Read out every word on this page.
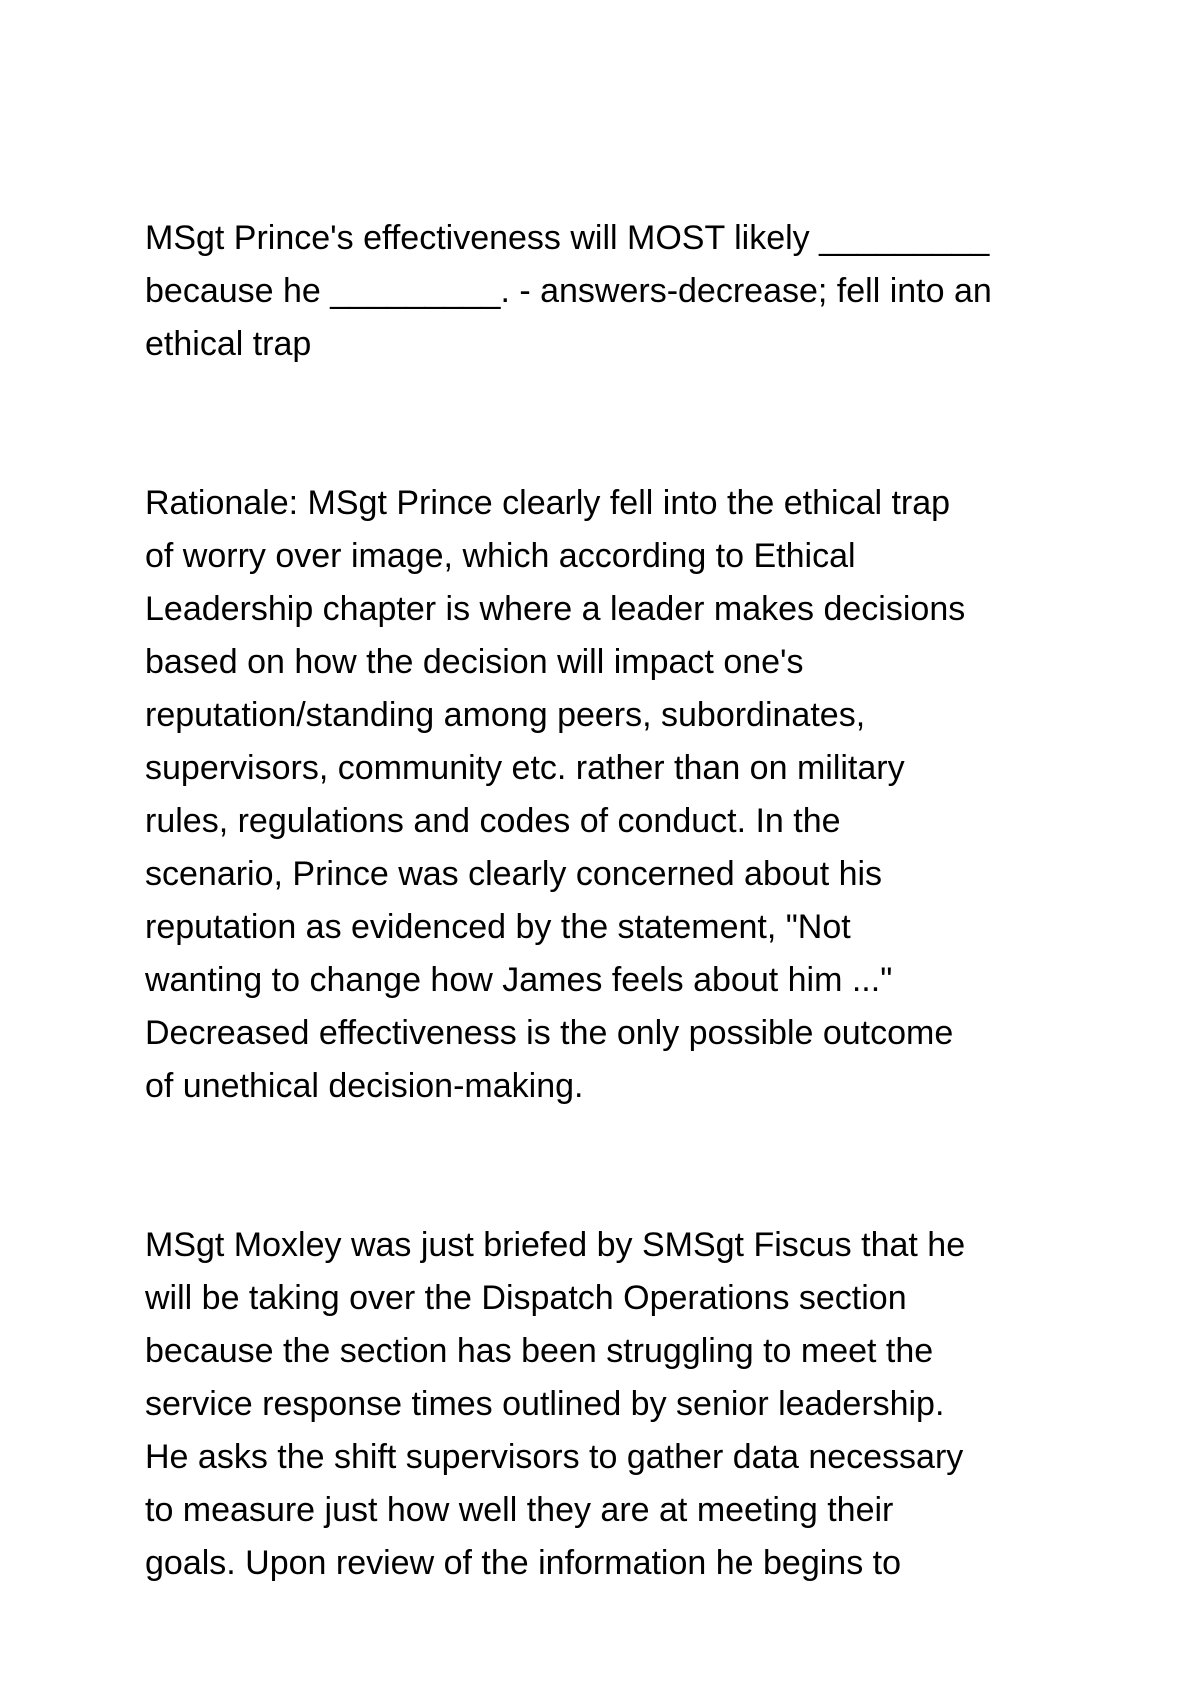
MSgt Prince's effectiveness will MOST likely _________
because he _________. - answers-decrease; fell into an
ethical trap
Rationale: MSgt Prince clearly fell into the ethical trap
of worry over image, which according to Ethical
Leadership chapter is where a leader makes decisions
based on how the decision will impact one's
reputation/standing among peers, subordinates,
supervisors, community etc. rather than on military
rules, regulations and codes of conduct. In the
scenario, Prince was clearly concerned about his
reputation as evidenced by the statement, "Not
wanting to change how James feels about him ..."
Decreased effectiveness is the only possible outcome
of unethical decision-making.
MSgt Moxley was just briefed by SMSgt Fiscus that he
will be taking over the Dispatch Operations section
because the section has been struggling to meet the
service response times outlined by senior leadership.
He asks the shift supervisors to gather data necessary
to measure just how well they are at meeting their
goals. Upon review of the information he begins to
